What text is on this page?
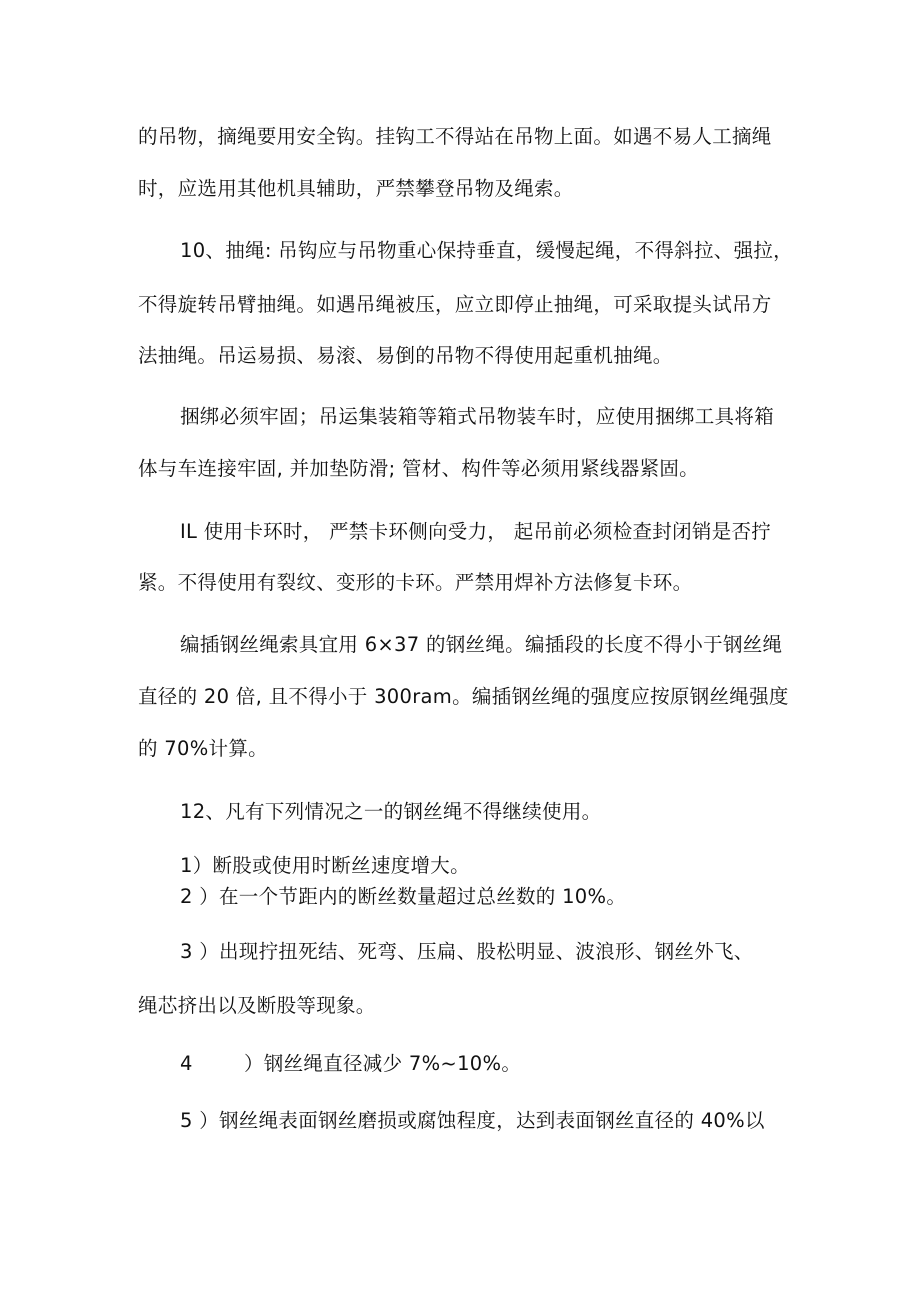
的吊物，摘绳要用安全钩。挂钩工不得站在吊物上面。如遇不易人工摘绳
时，应选用其他机具辅助，严禁攀登吊物及绳索。
10、抽绳: 吊钩应与吊物重心保持垂直，缓慢起绳，不得斜拉、强拉，
不得旋转吊臂抽绳。如遇吊绳被压，应立即停止抽绳，可采取提头试吊方
法抽绳。吊运易损、易滚、易倒的吊物不得使用起重机抽绳。
捆绑必须牢固；吊运集装箱等箱式吊物装车时，应使用捆绑工具将箱
体与车连接牢固, 并加垫防滑; 管材、构件等必须用紧线器紧固。
IL 使用卡环时， 严禁卡环侧向受力， 起吊前必须检查封闭销是否拧
紧。不得使用有裂纹、变形的卡环。严禁用焊补方法修复卡环。
编插钢丝绳索具宜用 6×37 的钢丝绳。编插段的长度不得小于钢丝绳
直径的 20 倍, 且不得小于 300ram。编插钢丝绳的强度应按原钢丝绳强度
的 70%计算。
12、凡有下列情况之一的钢丝绳不得继续使用。
1）断股或使用时断丝速度增大。
2 ）在一个节距内的断丝数量超过总丝数的 10%。
3 ）出现拧扭死结、死弯、压扁、股松明显、波浪形、钢丝外飞、
绳芯挤出以及断股等现象。
4	）钢丝绳直径减少 7%~10%。
5 ）钢丝绳表面钢丝磨损或腐蚀程度，达到表面钢丝直径的 40%以
